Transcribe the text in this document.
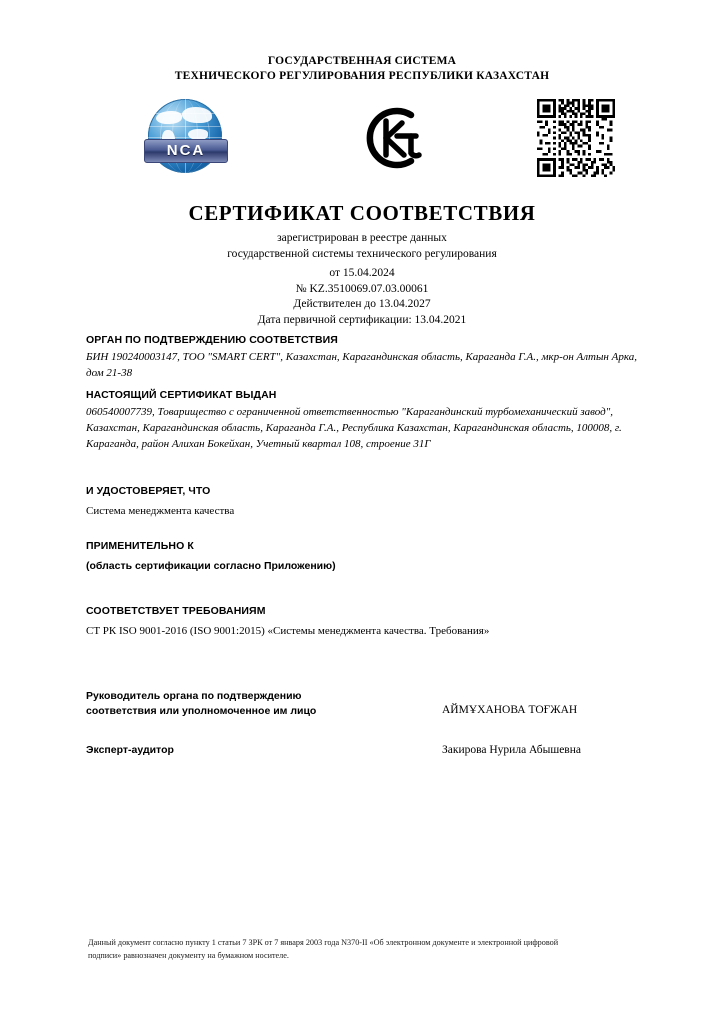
ГОСУДАРСТВЕННАЯ СИСТЕМА
ТЕХНИЧЕСКОГО РЕГУЛИРОВАНИЯ РЕСПУБЛИКИ КАЗАХСТАН
NCA
СЕРТИФИКАТ СООТВЕТСТВИЯ
зарегистрирован в реестре данных
государственной системы технического регулирования
от 15.04.2024
№ KZ.3510069.07.03.00061
Действителен до 13.04.2027
Дата первичной сертификации: 13.04.2021
ОРГАН ПО ПОДТВЕРЖДЕНИЮ СООТВЕТСТВИЯ
БИН 190240003147, ТОО "SMART CERT", Казахстан, Карагандинская область, Караганда Г.А., мкр-он Алтын Арка, дом 21-38
НАСТОЯЩИЙ СЕРТИФИКАТ ВЫДАН
060540007739, Товарищество с ограниченной ответственностью "Карагандинский турбомеханический завод", Казахстан, Карагандинская область, Караганда Г.А., Республика Казахстан, Карагандинская область, 100008, г. Караганда, район Алихан Бокейхан, Учетный квартал 108, строение 31Г
И УДОСТОВЕРЯЕТ, ЧТО
Система менеджмента качества
ПРИМЕНИТЕЛЬНО К
(область сертификации согласно Приложению)
СООТВЕТСТВУЕТ ТРЕБОВАНИЯМ
СТ РК ISO 9001-2016 (ISO 9001:2015) «Системы менеджмента качества. Требования»
Руководитель органа по подтверждению
соответствия или уполномоченное им лицо	АЙМҰХАНОВА ТОҒЖАН
Эксперт-аудитор	Закирова Нурила Абышевна
Данный документ согласно пункту 1 статьи 7 ЗРК от 7 января 2003 года N370-II «Об электронном документе и электронной цифровой
подписи» равнозначен документу на бумажном носителе.
